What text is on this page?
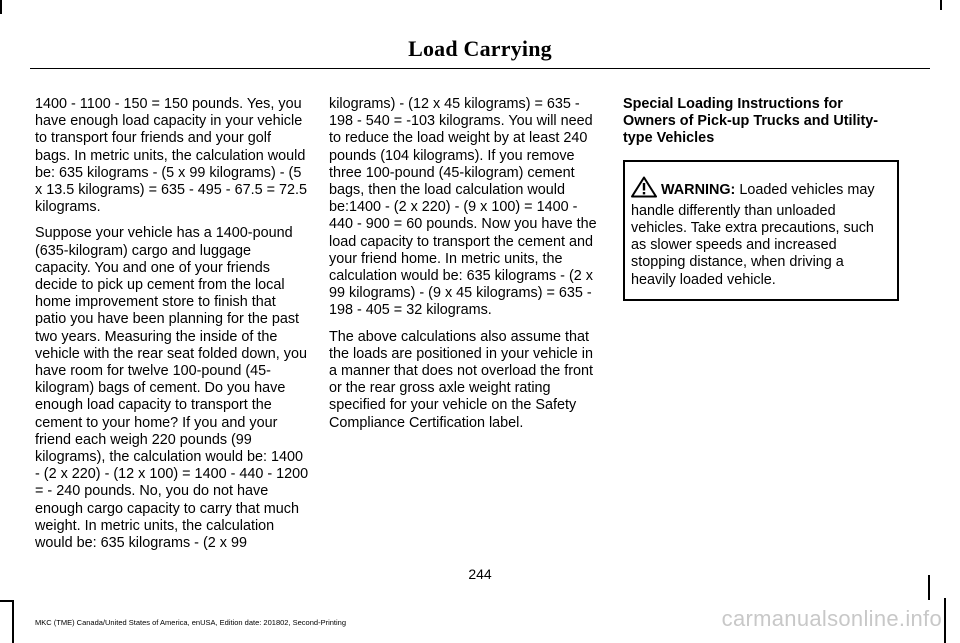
Load Carrying

1400 - 1100 - 150 = 150 pounds. Yes, you have enough load capacity in your vehicle to transport four friends and your golf bags. In metric units, the calculation would be: 635 kilograms - (5 x 99 kilograms) - (5 x 13.5 kilograms) = 635 - 495 - 67.5 = 72.5 kilograms.

Suppose your vehicle has a 1400-pound (635-kilogram) cargo and luggage capacity. You and one of your friends decide to pick up cement from the local home improvement store to finish that patio you have been planning for the past two years. Measuring the inside of the vehicle with the rear seat folded down, you have room for twelve 100-pound (45-kilogram) bags of cement. Do you have enough load capacity to transport the cement to your home? If you and your friend each weigh 220 pounds (99 kilograms), the calculation would be: 1400 - (2 x 220) - (12 x 100) = 1400 - 440 - 1200 = - 240 pounds. No, you do not have enough cargo capacity to carry that much weight. In metric units, the calculation would be: 635 kilograms - (2 x 99

kilograms) - (12 x 45 kilograms) = 635 - 198 - 540 = -103 kilograms. You will need to reduce the load weight by at least 240 pounds (104 kilograms). If you remove three 100-pound (45-kilogram) cement bags, then the load calculation would be:1400 - (2 x 220) - (9 x 100) = 1400 - 440 - 900 = 60 pounds. Now you have the load capacity to transport the cement and your friend home. In metric units, the calculation would be: 635 kilograms - (2 x 99 kilograms) - (9 x 45 kilograms) = 635 - 198 - 405 = 32 kilograms.

The above calculations also assume that the loads are positioned in your vehicle in a manner that does not overload the front or the rear gross axle weight rating specified for your vehicle on the Safety Compliance Certification label.

Special Loading Instructions for Owners of Pick-up Trucks and Utility-type Vehicles
WARNING: Loaded vehicles may handle differently than unloaded vehicles. Take extra precautions, such as slower speeds and increased stopping distance, when driving a heavily loaded vehicle.
244
MKC (TME) Canada/United States of America, enUSA, Edition date: 201802, Second-Printing	carmanualsonline.info
